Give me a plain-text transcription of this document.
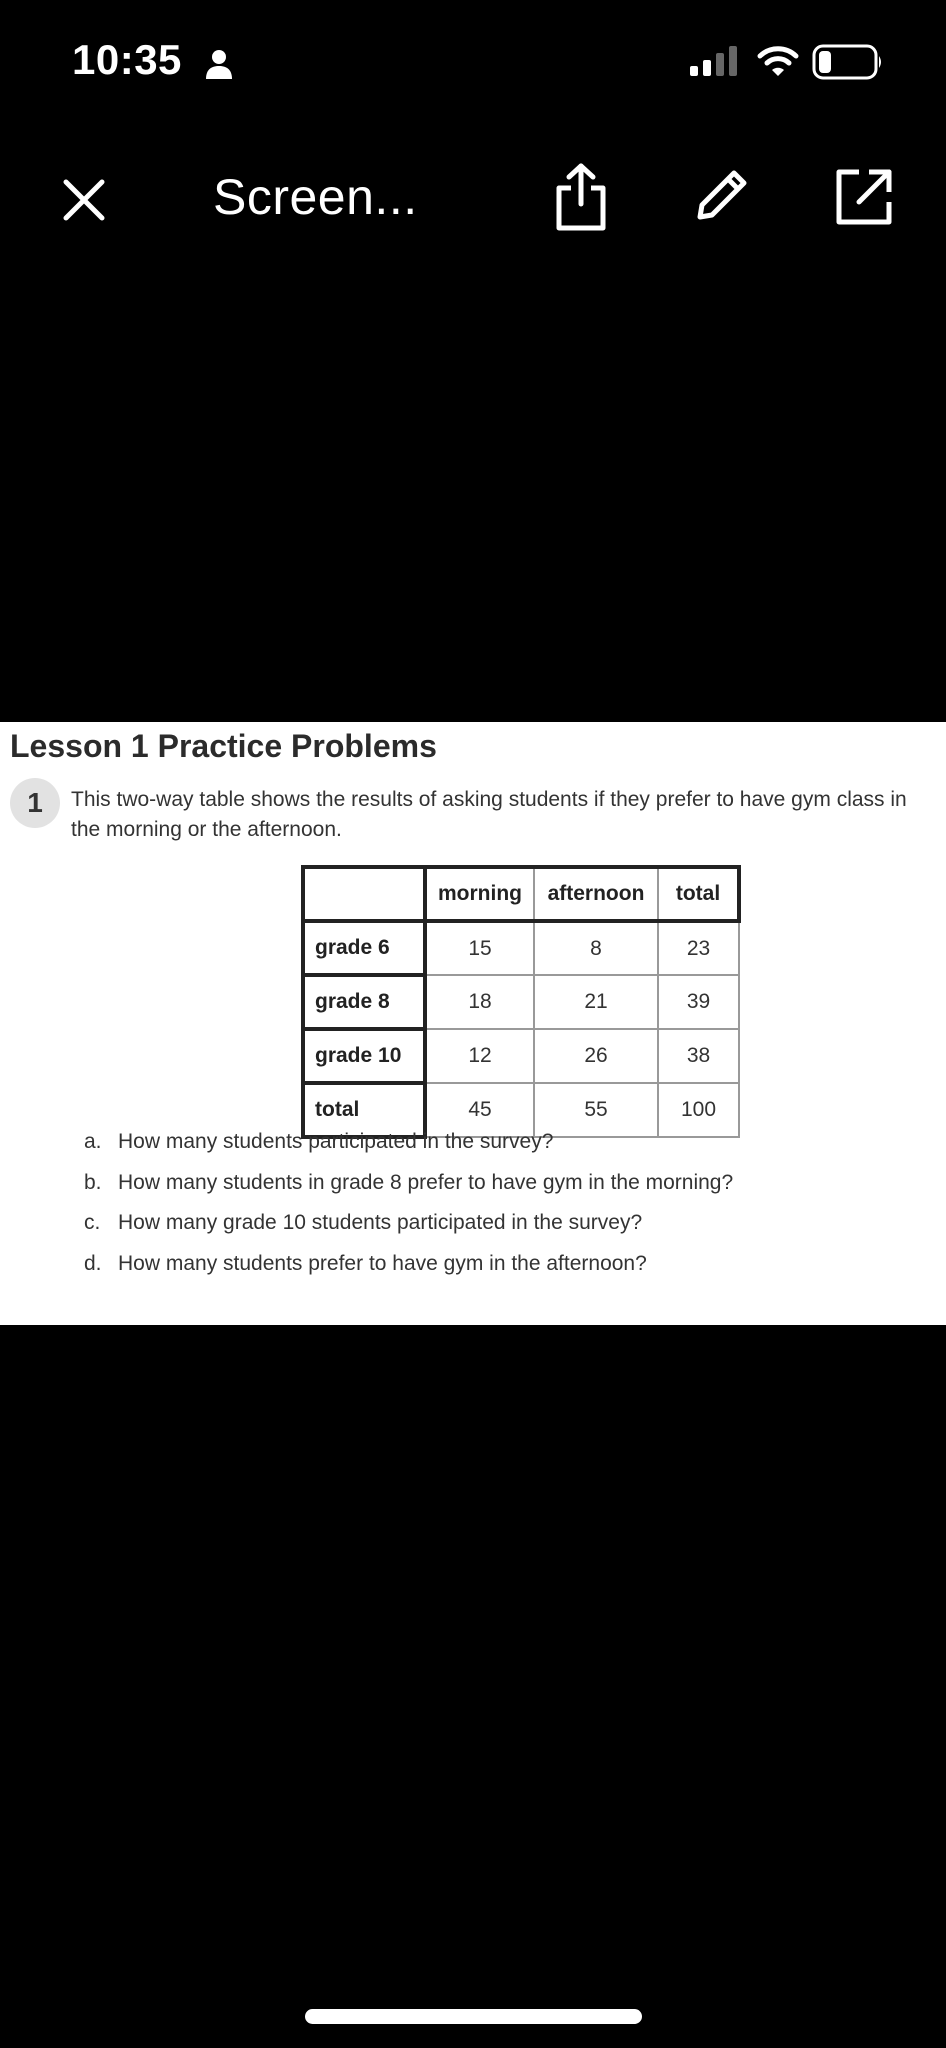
10:35
Screen...
Lesson 1 Practice Problems
1	This two-way table shows the results of asking students if they prefer to have gym class in the morning or the afternoon.
	morning	afternoon	total
grade 6	15	8	23
grade 8	18	21	39
grade 10	12	26	38
total	45	55	100
a. How many students participated in the survey?
b. How many students in grade 8 prefer to have gym in the morning?
c. How many grade 10 students participated in the survey?
d. How many students prefer to have gym in the afternoon?
